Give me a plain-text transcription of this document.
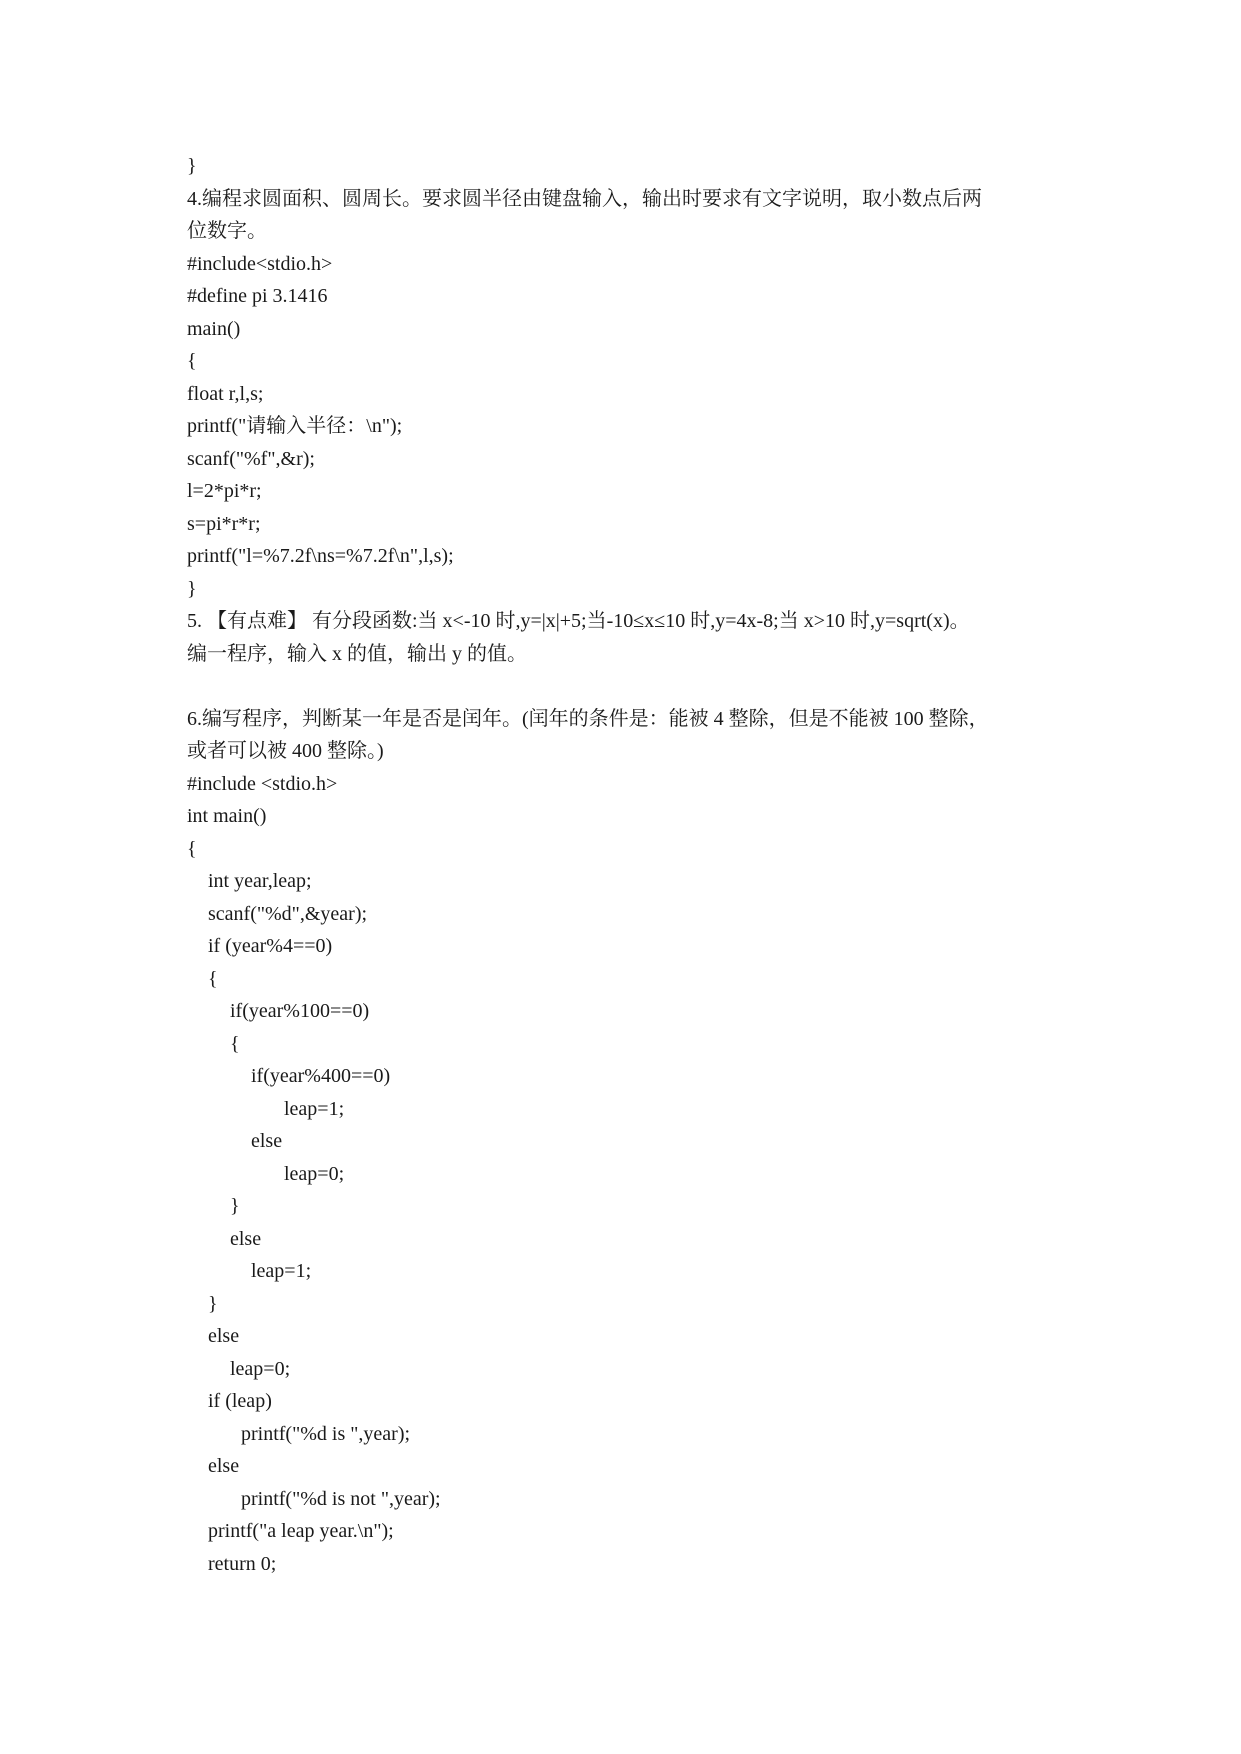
}
4.编程求圆面积、圆周长。要求圆半径由键盘输入，输出时要求有文字说明，取小数点后两
位数字。
#include<stdio.h>
#define pi 3.1416
main()
{
float r,l,s;
printf("请输入半径：\n");
scanf("%f",&r);
l=2*pi*r;
s=pi*r*r;
printf("l=%7.2f\ns=%7.2f\n",l,s);
}
5. 【有点难】 有分段函数:当 x<-10 时,y=|x|+5;当-10≤x≤10 时,y=4x-8;当 x>10 时,y=sqrt(x)。
编一程序，输入 x 的值，输出 y 的值。
6.编写程序，判断某一年是否是闰年。(闰年的条件是：能被 4 整除，但是不能被 100 整除，
或者可以被 400 整除。)
#include <stdio.h>
int main()
{
int year,leap;
scanf("%d",&year);
if (year%4==0)
{
if(year%100==0)
{
if(year%400==0)
leap=1;
else
leap=0;
}
else
leap=1;
}
else
leap=0;
if (leap)
printf("%d is ",year);
else
printf("%d is not ",year);
printf("a leap year.\n");
return 0;
